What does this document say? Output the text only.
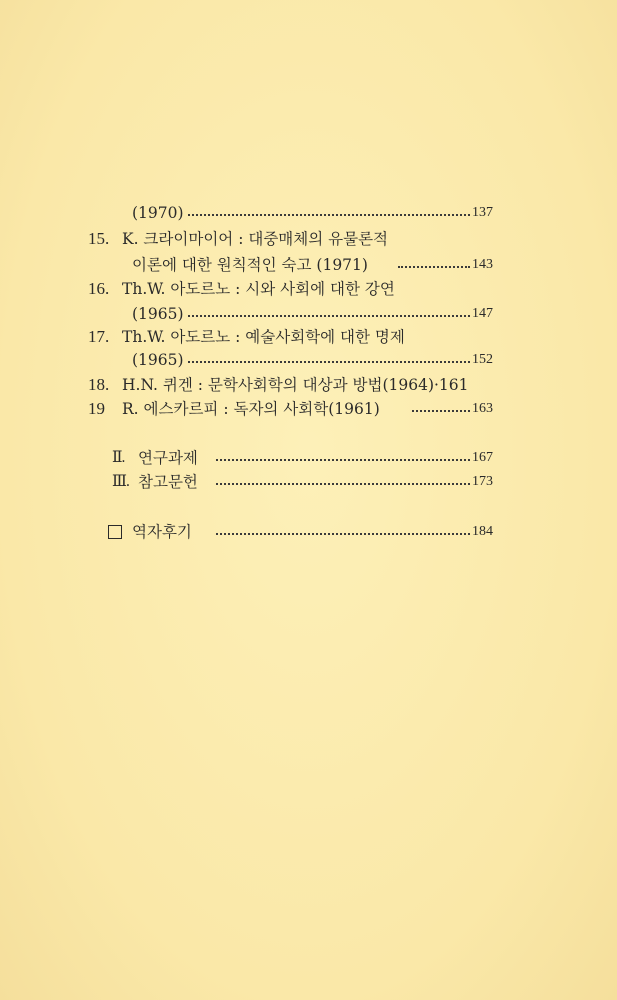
(1970)	137
15. K. 크라이마이어 : 대중매체의 유물론적
이론에 대한 원칙적인 숙고 (1971)	143
16. Th.W. 아도르노 : 시와 사회에 대한 강연
(1965)	147
17. Th.W. 아도르노 : 예술사회학에 대한 명제
(1965)	152
18. H.N. 퀴겐 : 문학사회학의 대상과 방법(1964)·161
19 R. 에스카르피 : 독자의 사회학(1961)	163
Ⅱ. 연구과제	167
Ⅲ. 참고문헌	173
역자후기	184
